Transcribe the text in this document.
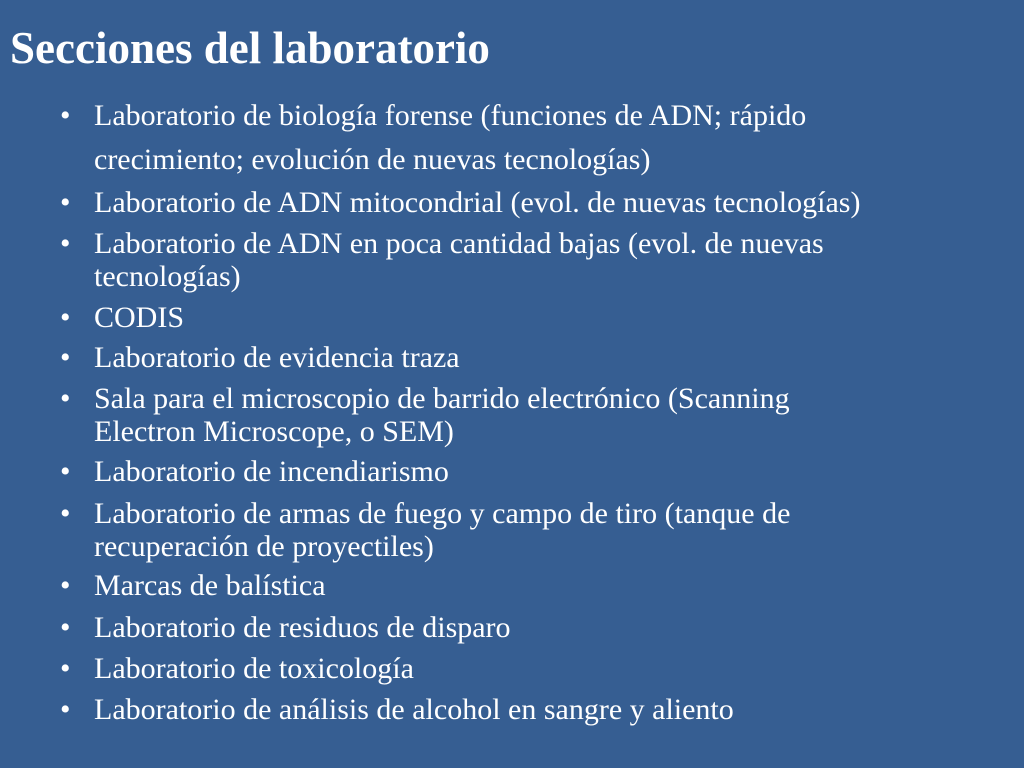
Secciones del laboratorio
• Laboratorio de biología forense (funciones de ADN; rápido
crecimiento; evolución de nuevas tecnologías)
• Laboratorio de ADN mitocondrial (evol. de nuevas tecnologías)
• Laboratorio de ADN en poca cantidad bajas (evol. de nuevas
tecnologías)
• CODIS
• Laboratorio de evidencia traza
• Sala para el microscopio de barrido electrónico (Scanning
Electron Microscope, o SEM)
• Laboratorio de incendiarismo
• Laboratorio de armas de fuego y campo de tiro (tanque de
recuperación de proyectiles)
• Marcas de balística
• Laboratorio de residuos de disparo
• Laboratorio de toxicología
• Laboratorio de análisis de alcohol en sangre y aliento
